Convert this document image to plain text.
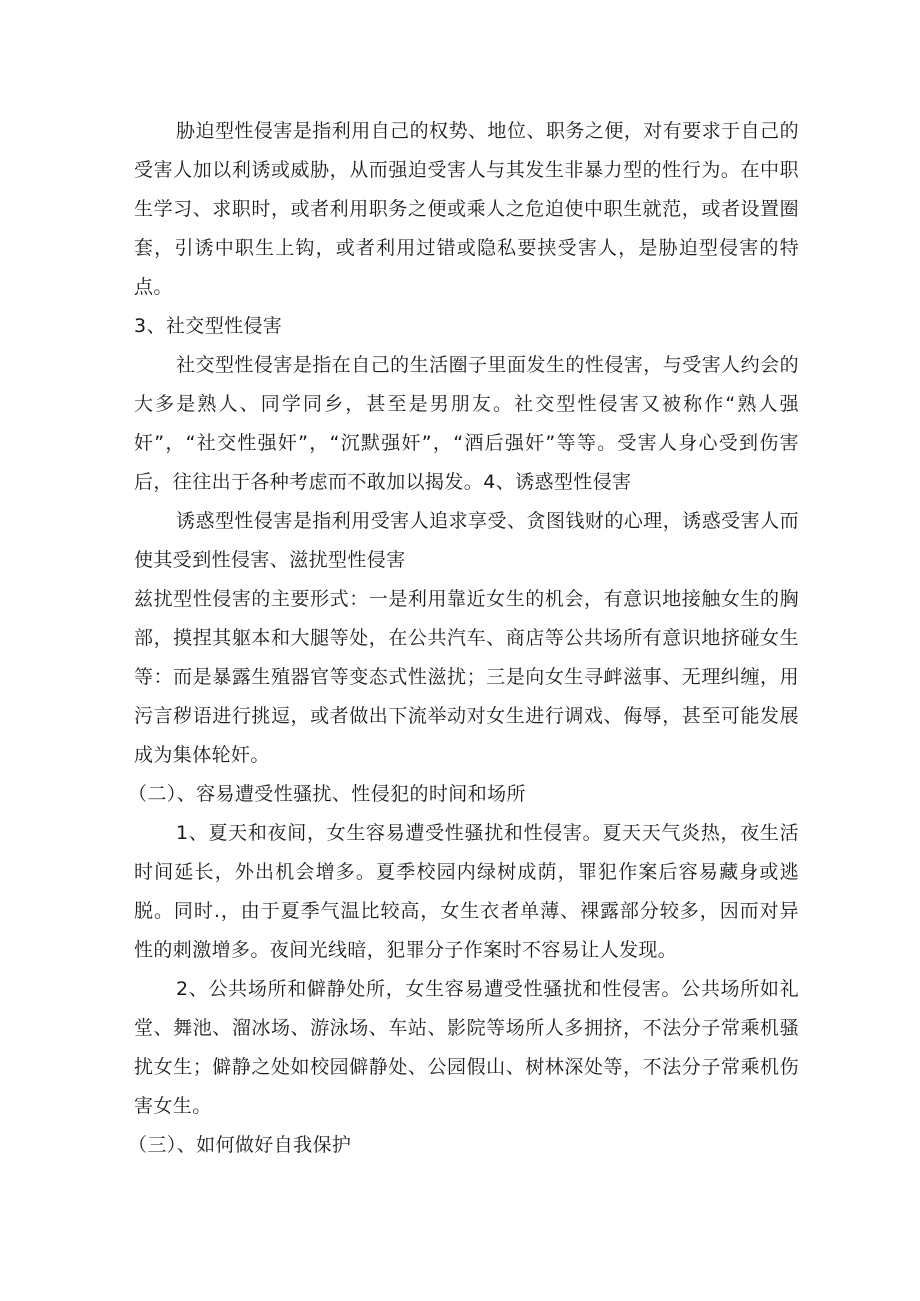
胁迫型性侵害是指利用自己的权势、地位、职务之便，对有要求于自己的受害人加以利诱或威胁，从而强迫受害人与其发生非暴力型的性行为。在中职生学习、求职时，或者利用职务之便或乘人之危迫使中职生就范，或者设置圈套，引诱中职生上钩，或者利用过错或隐私要挟受害人，是胁迫型侵害的特点。

3、社交型性侵害

社交型性侵害是指在自己的生活圈子里面发生的性侵害，与受害人约会的大多是熟人、同学同乡，甚至是男朋友。社交型性侵害又被称作“熟人强奸”，“社交性强奸”，“沉默强奸”，“酒后强奸”等等。受害人身心受到伤害后，往往出于各种考虑而不敢加以揭发。4、诱惑型性侵害

诱惑型性侵害是指利用受害人追求享受、贪图钱财的心理，诱惑受害人而使其受到性侵害、滋扰型性侵害

兹扰型性侵害的主要形式：一是利用靠近女生的机会，有意识地接触女生的胸部，摸捏其躯本和大腿等处，在公共汽车、商店等公共场所有意识地挤碰女生等：而是暴露生殖器官等变态式性滋扰；三是向女生寻衅滋事、无理纠缠，用污言秽语进行挑逗，或者做出下流举动对女生进行调戏、侮辱，甚至可能发展成为集体轮奸。

（二）、容易遭受性骚扰、性侵犯的时间和场所

1、夏天和夜间，女生容易遭受性骚扰和性侵害。夏天天气炎热，夜生活时间延长，外出机会增多。夏季校园内绿树成荫，罪犯作案后容易藏身或逃脱。同时.，由于夏季气温比较高，女生衣者单薄、裸露部分较多，因而对异性的刺激增多。夜间光线暗，犯罪分子作案时不容易让人发现。

2、公共场所和僻静处所，女生容易遭受性骚扰和性侵害。公共场所如礼堂、舞池、溜冰场、游泳场、车站、影院等场所人多拥挤，不法分子常乘机骚扰女生；僻静之处如校园僻静处、公园假山、树林深处等，不法分子常乘机伤害女生。

（三）、如何做好自我保护
